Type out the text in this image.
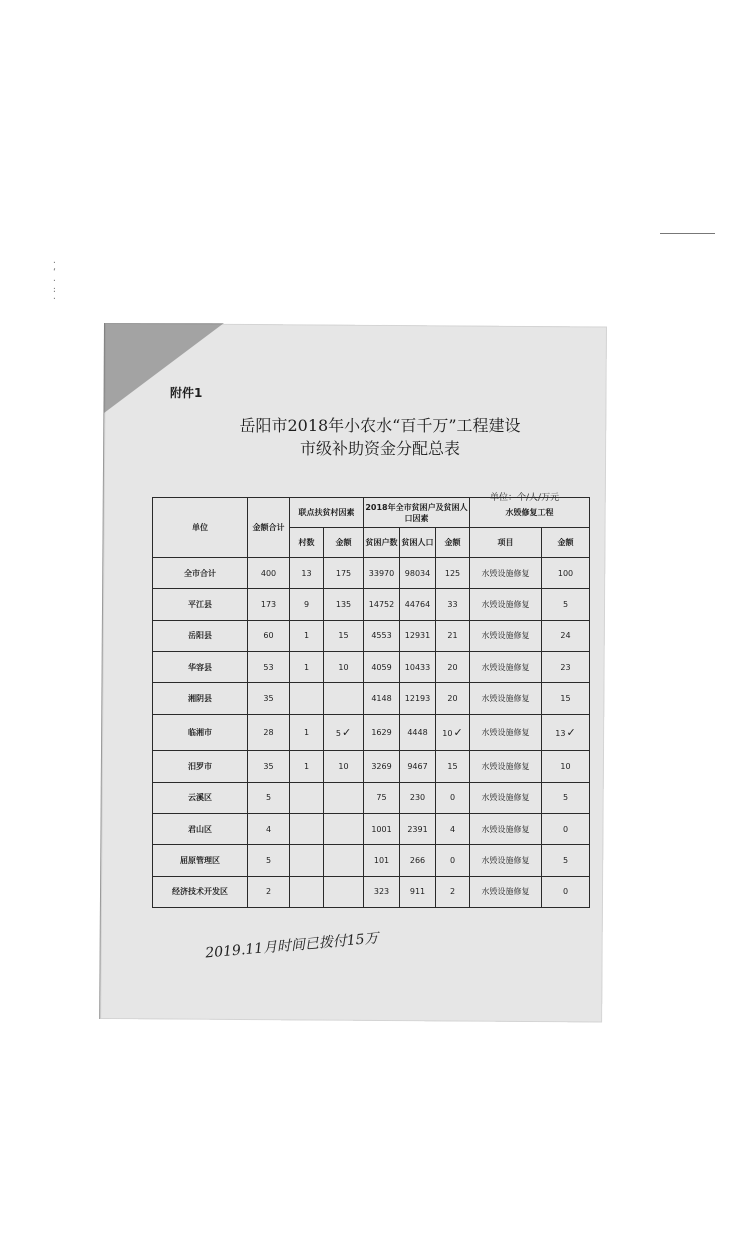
·
‘
·
:
·
附件1
岳阳市2018年小农水“百千万”工程建设
市级补助资金分配总表
单位：个/人/万元
单位	金额合计	联点扶贫村因素		2018年全市贫困户及贫困人口因素			水毁修复工程	
		村数	金额	贫困户数	贫困人口	金额	项目	金额
全市合计	400	13	175	33970	98034	125	水毁设施修复	100
平江县	173	9	135	14752	44764	33	水毁设施修复	5
岳阳县	60	1	15	4553	12931	21	水毁设施修复	24
华容县	53	1	10	4059	10433	20	水毁设施修复	23
湘阴县	35			4148	12193	20	水毁设施修复	15
临湘市	28	1	5✓	1629	4448	10✓	水毁设施修复	13✓
汨罗市	35	1	10	3269	9467	15	水毁设施修复	10
云溪区	5			75	230	0	水毁设施修复	5
君山区	4			1001	2391	4	水毁设施修复	0
屈原管理区	5			101	266	0	水毁设施修复	5
经济技术开发区	2			323	911	2	水毁设施修复	0
2019.11月时间已拨付15万
